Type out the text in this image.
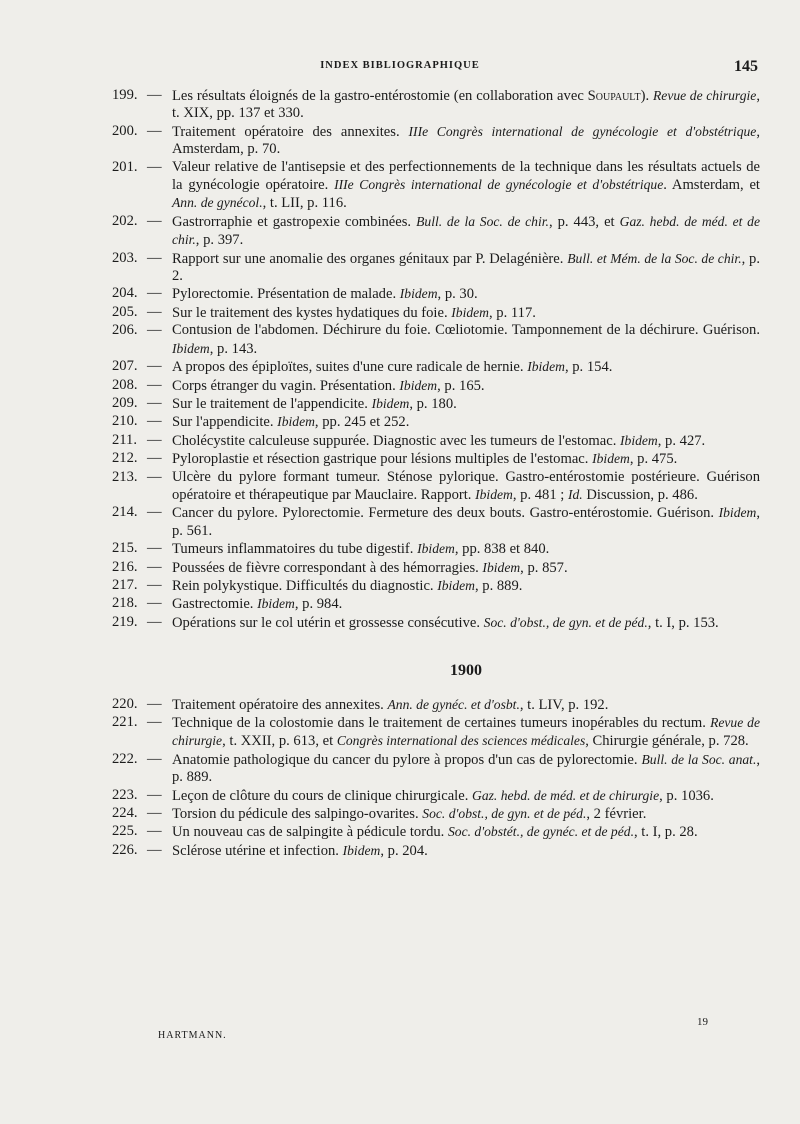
INDEX BIBLIOGRAPHIQUE	145

199. — Les résultats éloignés de la gastro-entérostomie (en collaboration avec Soupault). Revue de chirurgie, t. XIX, pp. 137 et 330.

200. — Traitement opératoire des annexites. IIIe Congrès international de gynécologie et d'obstétrique, Amsterdam, p. 70.

201. — Valeur relative de l'antisepsie et des perfectionnements de la technique dans les résultats actuels de la gynécologie opératoire. IIIe Congrès international de gynécologie et d'obstétrique. Amsterdam, et Ann. de gynécol., t. LII, p. 116.

202. — Gastrorraphie et gastropexie combinées. Bull. de la Soc. de chir., p. 443, et Gaz. hebd. de méd. et de chir., p. 397.

203. — Rapport sur une anomalie des organes génitaux par P. Delagénière. Bull. et Mém. de la Soc. de chir., p. 2.

204. — Pylorectomie. Présentation de malade. Ibidem, p. 30.

205. — Sur le traitement des kystes hydatiques du foie. Ibidem, p. 117.

206. — Contusion de l'abdomen. Déchirure du foie. Cœliotomie. Tamponnement de la déchirure. Guérison. Ibidem, p. 143.

207. — A propos des épiploïtes, suites d'une cure radicale de hernie. Ibidem, p. 154.

208. — Corps étranger du vagin. Présentation. Ibidem, p. 165.

209. — Sur le traitement de l'appendicite. Ibidem, p. 180.

210. — Sur l'appendicite. Ibidem, pp. 245 et 252.

211. — Cholécystite calculeuse suppurée. Diagnostic avec les tumeurs de l'estomac. Ibidem, p. 427.

212. — Pyloroplastie et résection gastrique pour lésions multiples de l'estomac. Ibidem, p. 475.

213. — Ulcère du pylore formant tumeur. Sténose pylorique. Gastro-entérostomie postérieure. Guérison opératoire et thérapeutique par Mauclaire. Rapport. Ibidem, p. 481 ; Id. Discussion, p. 486.

214. — Cancer du pylore. Pylorectomie. Fermeture des deux bouts. Gastro-entérostomie. Guérison. Ibidem, p. 561.

215. — Tumeurs inflammatoires du tube digestif. Ibidem, pp. 838 et 840.

216. — Poussées de fièvre correspondant à des hémorragies. Ibidem, p. 857.

217. — Rein polykystique. Difficultés du diagnostic. Ibidem, p. 889.

218. — Gastrectomie. Ibidem, p. 984.

219. — Opérations sur le col utérin et grossesse consécutive. Soc. d'obst., de gyn. et de péd., t. I, p. 153.

1900

220. — Traitement opératoire des annexites. Ann. de gynéc. et d'osbt., t. LIV, p. 192.

221. — Technique de la colostomie dans le traitement de certaines tumeurs inopérables du rectum. Revue de chirurgie, t. XXII, p. 613, et Congrès international des sciences médicales, Chirurgie générale, p. 728.

222. — Anatomie pathologique du cancer du pylore à propos d'un cas de pylorectomie. Bull. de la Soc. anat., p. 889.

223. — Leçon de clôture du cours de clinique chirurgicale. Gaz. hebd. de méd. et de chirurgie, p. 1036.

224. — Torsion du pédicule des salpingo-ovarites. Soc. d'obst., de gyn. et de péd., 2 février.

225. — Un nouveau cas de salpingite à pédicule tordu. Soc. d'obstét., de gynéc. et de péd., t. I, p. 28.

226. — Sclérose utérine et infection. Ibidem, p. 204.

HARTMANN.
19
